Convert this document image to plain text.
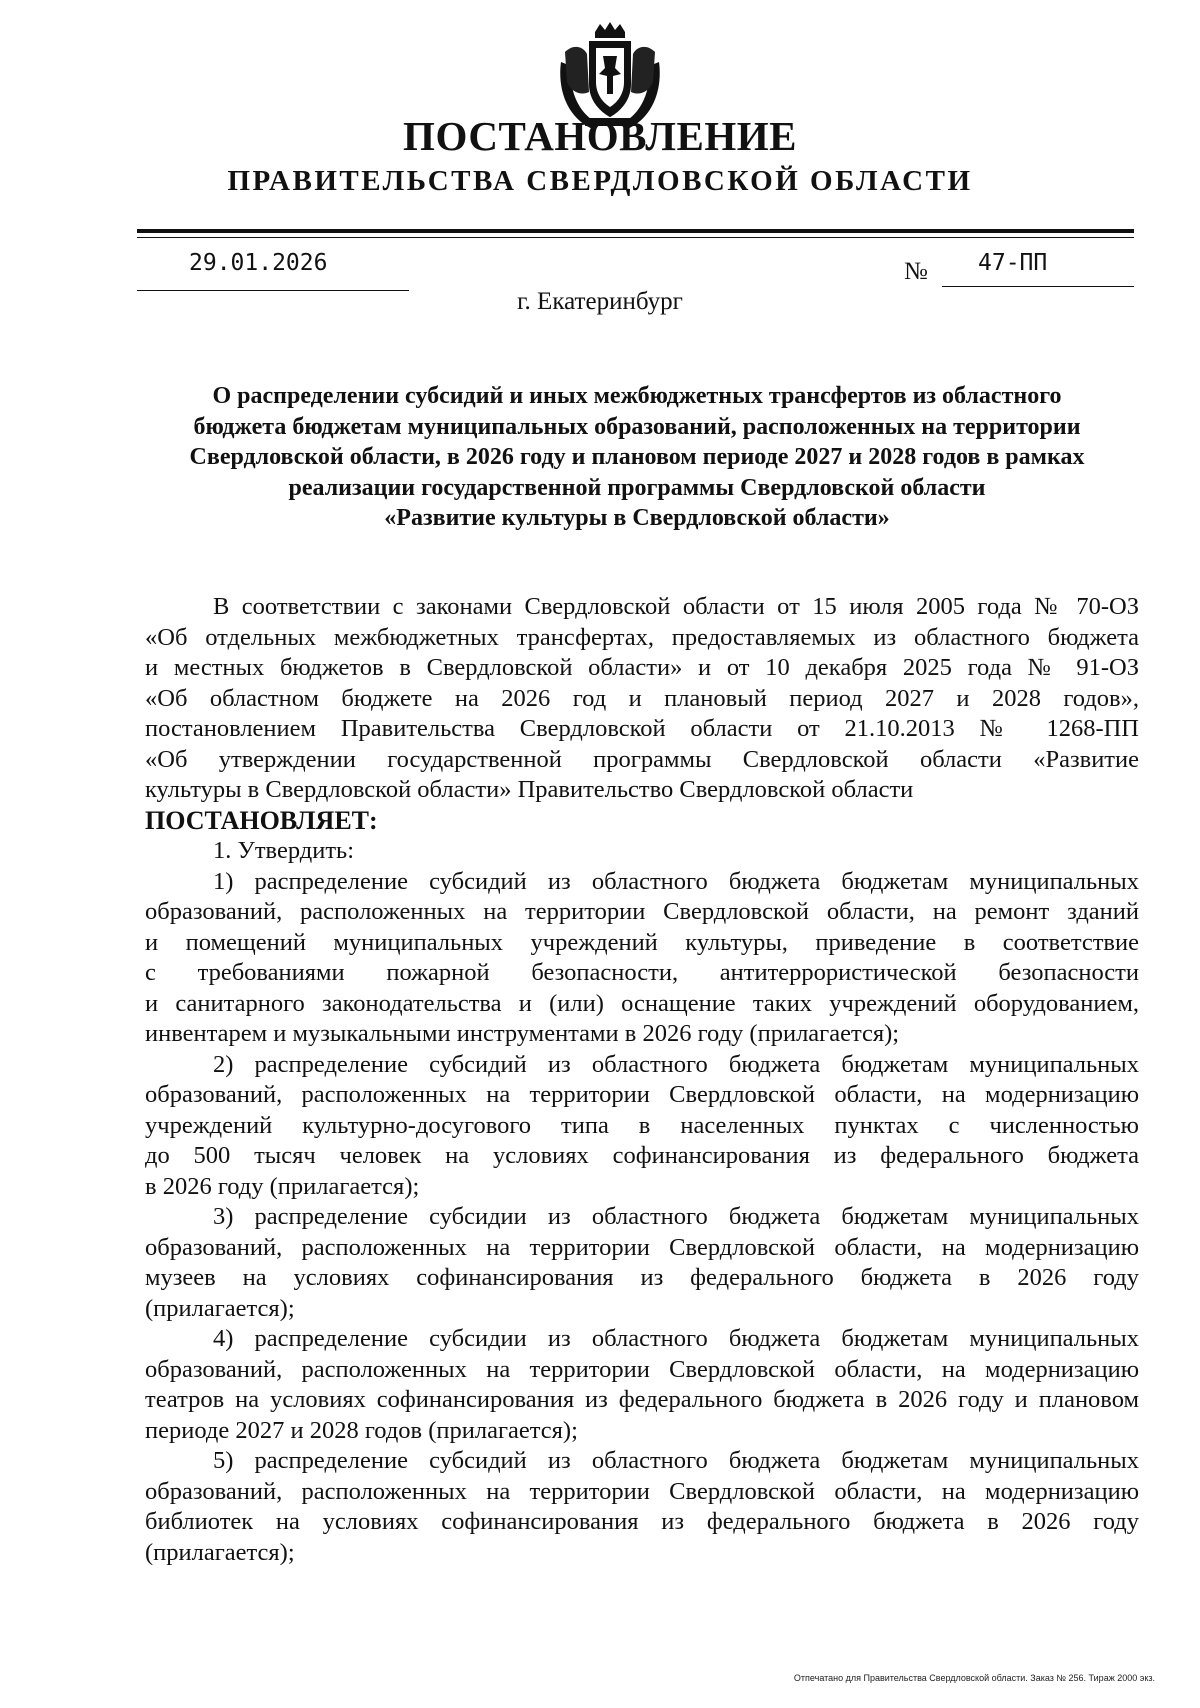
ПОСТАНОВЛЕНИЕ
ПРАВИТЕЛЬСТВА СВЕРДЛОВСКОЙ ОБЛАСТИ
29.01.2026	№ 47-ПП
г. Екатеринбург
О распределении субсидий и иных межбюджетных трансфертов из областного
бюджета бюджетам муниципальных образований, расположенных на территории
Свердловской области, в 2026 году и плановом периоде 2027 и 2028 годов в рамках
реализации государственной программы Свердловской области
«Развитие культуры в Свердловской области»
В соответствии с законами Свердловской области от 15 июля 2005 года № 70-ОЗ
«Об отдельных межбюджетных трансфертах, предоставляемых из областного бюджета
и местных бюджетов в Свердловской области» и от 10 декабря 2025 года № 91-ОЗ
«Об областном бюджете на 2026 год и плановый период 2027 и 2028 годов»,
постановлением Правительства Свердловской области от 21.10.2013 № 1268-ПП
«Об утверждении государственной программы Свердловской области «Развитие
культуры в Свердловской области» Правительство Свердловской области
ПОСТАНОВЛЯЕТ:
1. Утвердить:
1) распределение субсидий из областного бюджета бюджетам муниципальных
образований, расположенных на территории Свердловской области, на ремонт зданий
и помещений муниципальных учреждений культуры, приведение в соответствие
с требованиями пожарной безопасности, антитеррористической безопасности
и санитарного законодательства и (или) оснащение таких учреждений оборудованием,
инвентарем и музыкальными инструментами в 2026 году (прилагается);
2) распределение субсидий из областного бюджета бюджетам муниципальных
образований, расположенных на территории Свердловской области, на модернизацию
учреждений культурно-досугового типа в населенных пунктах с численностью
до 500 тысяч человек на условиях софинансирования из федерального бюджета
в 2026 году (прилагается);
3) распределение субсидии из областного бюджета бюджетам муниципальных
образований, расположенных на территории Свердловской области, на модернизацию
музеев на условиях софинансирования из федерального бюджета в 2026 году
(прилагается);
4) распределение субсидии из областного бюджета бюджетам муниципальных
образований, расположенных на территории Свердловской области, на модернизацию
театров на условиях софинансирования из федерального бюджета в 2026 году и плановом
периоде 2027 и 2028 годов (прилагается);
5) распределение субсидий из областного бюджета бюджетам муниципальных
образований, расположенных на территории Свердловской области, на модернизацию
библиотек на условиях софинансирования из федерального бюджета в 2026 году
(прилагается);
Отпечатано для Правительства Свердловской области. Заказ № 256. Тираж 2000 экз.
